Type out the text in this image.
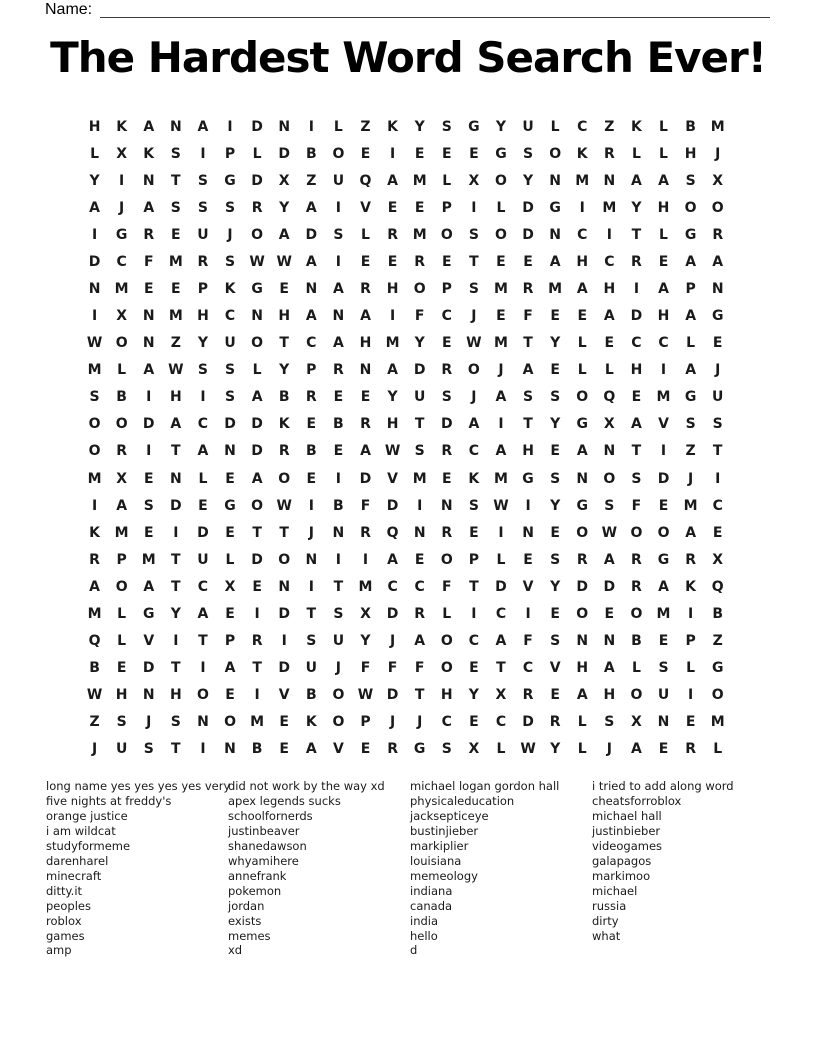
Name:
The Hardest Word Search Ever!
H	K	A	N	A	I	D	N	I	L	Z	K	Y	S	G	Y	U	L	C	Z	K	L	B	M
L	X	K	S	I	P	L	D	B	O	E	I	E	E	E	G	S	O	K	R	L	L	H	J
Y	I	N	T	S	G	D	X	Z	U	Q	A	M	L	X	O	Y	N	M	N	A	A	S	X
A	J	A	S	S	S	R	Y	A	I	V	E	E	P	I	L	D	G	I	M	Y	H	O	O
I	G	R	E	U	J	O	A	D	S	L	R	M	O	S	O	D	N	C	I	T	L	G	R
D	C	F	M	R	S	W W A	I	E	E	R	E	T	E	E	A	H	C	R	E	A	A
N	M	E	E	P	K	G	E	N	A	R	H	O	P	S	M	R	M	A	H	I	A	P	N
I	X	N	M	H	C	N	H	A	N	A	I	F	C	J	E	F	E	E	A	D	H	A	G
W O	N	Z	Y	U	O	T	C	A	H	M	Y	E	W M	T	Y	L	E	C	C	L	E
M	L	A W	S	S	L	Y	P	R	N	A	D	R	O	J	A	E	L	L	H	I	A	J
S	B	I	H	I	S	A	B	R	E	E	Y	U	S	J	A	S	S	O	Q	E	M	G	U
O	O	D	A	C	D	D	K	E	B	R	H	T	D	A	I	T	Y	G	X	A	V	S	S
O	R	I	T	A	N	D	R	B	E	A W	S	R	C	A	H	E	A	N	T	I	Z	T
M	X	E	N	L	E	A	O	E	I	D	V	M	E	K	M	G	S	N	O	S	D	J	I
I	A	S	D	E	G	O W	I	B	F	D	I	N	S	W	I	Y	G	S	F	E	M	C
K	M	E	I	D	E	T	T	J	N	R	Q	N	R	E	I	N	E	O W O	O	A	E
R	P	M	T	U	L	D	O	N	I	I	A	E	O	P	L	E	S	R	A	R	G	R	X
A	O	A	T	C	X	E	N	I	T	M	C	C	F	T	D	V	Y	D	D	R	A	K	Q
M	L	G	Y	A	E	I	D	T	S	X	D	R	L	I	C	I	E	O	E	O	M	I	B
Q	L	V	I	T	P	R	I	S	U	Y	J	A	O	C	A	F	S	N	N	B	E	P	Z
B	E	D	T	I	A	T	D	U	J	F	F	F	O	E	T	C	V	H	A	L	S	L	G
W H	N	H	O	E	I	V	B	O W D	T	H	Y	X	R	E	A	H	O	U	I	O
Z	S	J	S	N	O	M	E	K	O	P	J	J	C	E	C	D	R	L	S	X	N	E	M
J	U	S	T	I	N	B	E	A	V	E	R	G	S	X	L	W	Y	L	J	A	E	R	L
long name yes yes yes yes very
five nights at freddy's
orange justice
i am wildcat
studyformeme
darenharel
minecraft
ditty.it
peoples
roblox
games
amp
did not work by the way xd
apex legends sucks
schoolfornerds
justinbeaver
shanedawson
whyamihere
annefrank
pokemon
jordan
exists
memes
xd
michael logan gordon hall
physicaleducation
jacksepticeye
bustinjieber
markiplier
louisiana
memeology
indiana
canada
india
hello
d
i tried to add along word
cheatsforroblox
michael hall
justinbieber
videogames
galapagos
markimoo
michael
russia
dirty
what
